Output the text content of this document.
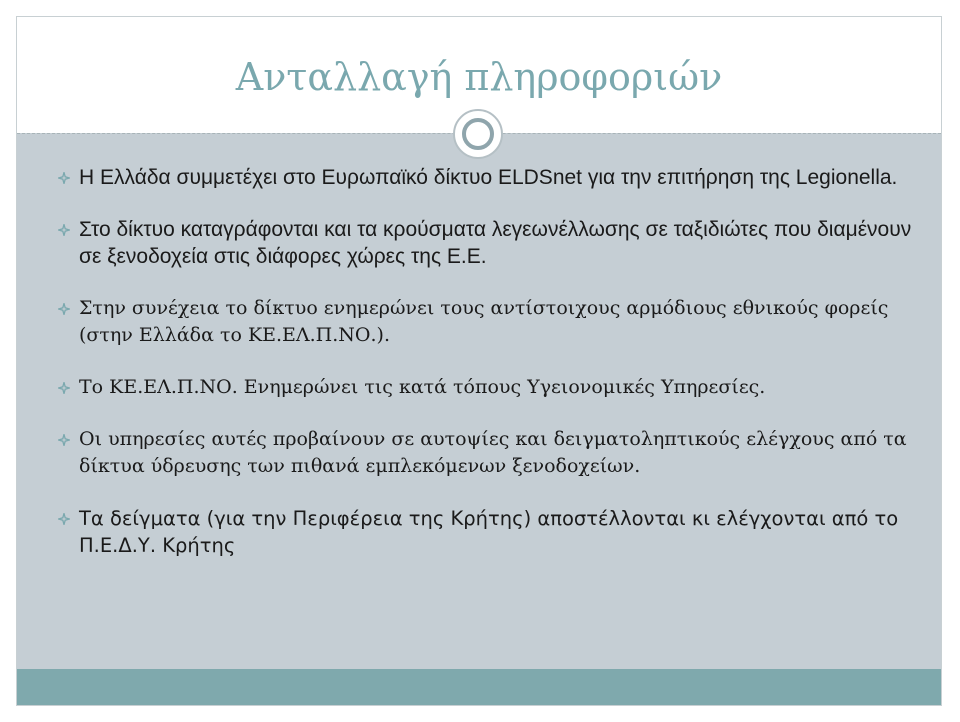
Ανταλλαγή πληροφοριών
Η Ελλάδα συμμετέχει στο Ευρωπαϊκό δίκτυο ELDSnet για την επιτήρηση της Legionella.
Στο δίκτυο καταγράφονται και τα κρούσματα λεγεωνέλλωσης σε ταξιδιώτες που διαμένουν σε ξενοδοχεία στις διάφορες χώρες της Ε.Ε.
Στην συνέχεια το δίκτυο ενημερώνει τους αντίστοιχους αρμόδιους εθνικούς φορείς (στην Ελλάδα το ΚΕ.ΕΛ.Π.ΝΟ.).
Το ΚΕ.ΕΛ.Π.ΝΟ. Ενημερώνει τις κατά τόπους Υγειονομικές Υπηρεσίες.
Οι υπηρεσίες αυτές προβαίνουν σε αυτοψίες και δειγματοληπτικούς ελέγχους από τα δίκτυα ύδρευσης των πιθανά εμπλεκόμενων ξενοδοχείων.
Τα δείγματα (για την Περιφέρεια της Κρήτης) αποστέλλονται κι ελέγχονται από το Π.Ε.Δ.Υ. Κρήτης
